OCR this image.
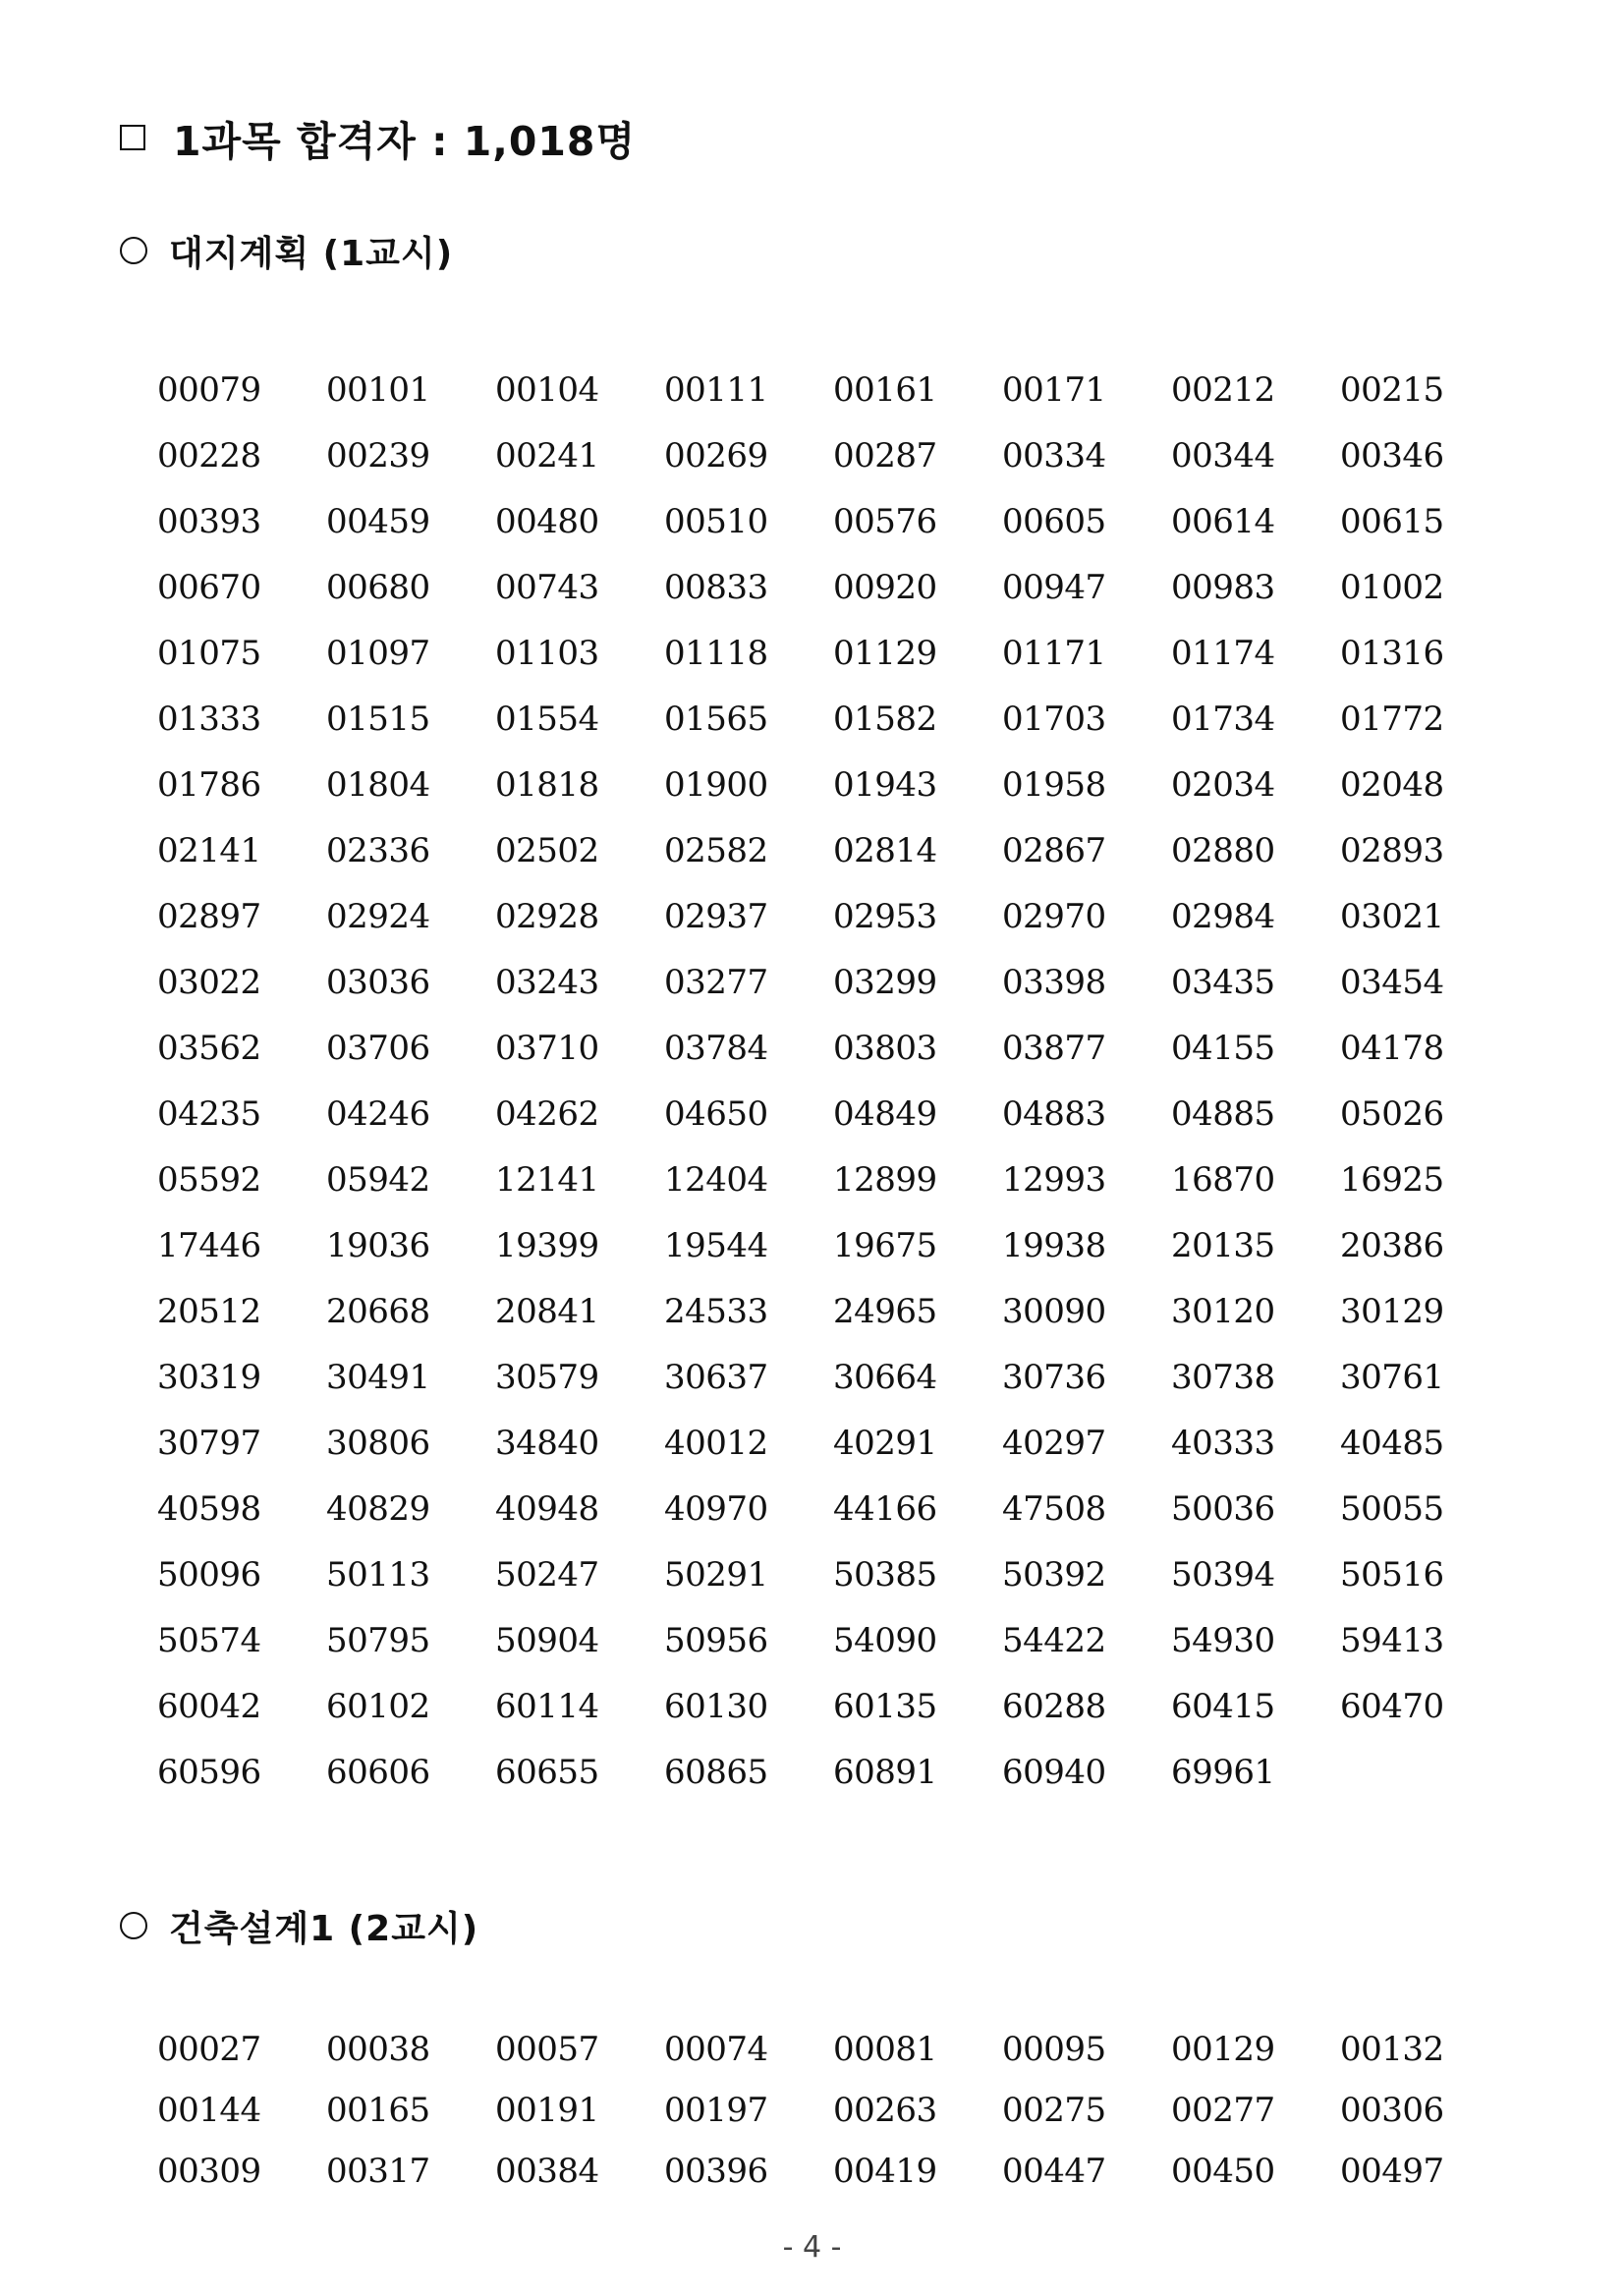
1과목 합격자 : 1,018명
대지계획 (1교시)
00079	00101	00104	00111	00161	00171	00212	00215
00228	00239	00241	00269	00287	00334	00344	00346
00393	00459	00480	00510	00576	00605	00614	00615
00670	00680	00743	00833	00920	00947	00983	01002
01075	01097	01103	01118	01129	01171	01174	01316
01333	01515	01554	01565	01582	01703	01734	01772
01786	01804	01818	01900	01943	01958	02034	02048
02141	02336	02502	02582	02814	02867	02880	02893
02897	02924	02928	02937	02953	02970	02984	03021
03022	03036	03243	03277	03299	03398	03435	03454
03562	03706	03710	03784	03803	03877	04155	04178
04235	04246	04262	04650	04849	04883	04885	05026
05592	05942	12141	12404	12899	12993	16870	16925
17446	19036	19399	19544	19675	19938	20135	20386
20512	20668	20841	24533	24965	30090	30120	30129
30319	30491	30579	30637	30664	30736	30738	30761
30797	30806	34840	40012	40291	40297	40333	40485
40598	40829	40948	40970	44166	47508	50036	50055
50096	50113	50247	50291	50385	50392	50394	50516
50574	50795	50904	50956	54090	54422	54930	59413
60042	60102	60114	60130	60135	60288	60415	60470
60596	60606	60655	60865	60891	60940	69961
건축설계1 (2교시)
00027	00038	00057	00074	00081	00095	00129	00132
00144	00165	00191	00197	00263	00275	00277	00306
00309	00317	00384	00396	00419	00447	00450	00497
- 4 -
